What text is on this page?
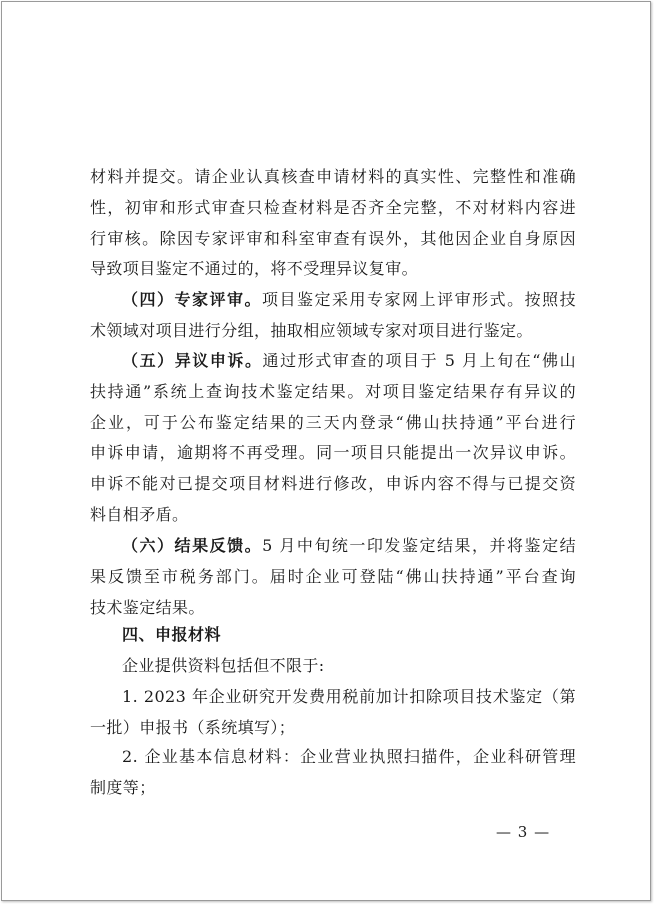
材料并提交。请企业认真核查申请材料的真实性、完整性和准确
性，初审和形式审查只检查材料是否齐全完整，不对材料内容进
行审核。除因专家评审和科室审查有误外，其他因企业自身原因
导致项目鉴定不通过的，将不受理异议复审。
（四）专家评审。项目鉴定采用专家网上评审形式。按照技
术领域对项目进行分组，抽取相应领域专家对项目进行鉴定。
（五）异议申诉。通过形式审查的项目于 5 月上旬在“佛山
扶持通”系统上查询技术鉴定结果。对项目鉴定结果存有异议的
企业，可于公布鉴定结果的三天内登录“佛山扶持通”平台进行
申诉申请，逾期将不再受理。同一项目只能提出一次异议申诉。
申诉不能对已提交项目材料进行修改，申诉内容不得与已提交资
料自相矛盾。
（六）结果反馈。5 月中旬统一印发鉴定结果，并将鉴定结
果反馈至市税务部门。届时企业可登陆“佛山扶持通”平台查询
技术鉴定结果。
四、申报材料
企业提供资料包括但不限于:
1. 2023 年企业研究开发费用税前加计扣除项目技术鉴定（第
一批）申报书（系统填写）；
2. 企业基本信息材料：企业营业执照扫描件，企业科研管理
制度等；
— 3 —
